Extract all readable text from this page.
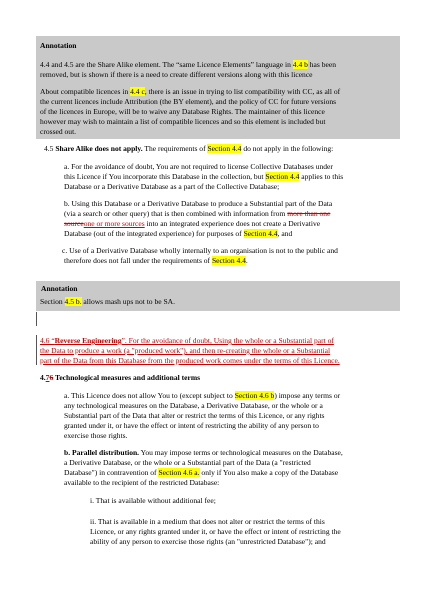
Annotation
4.4 and 4.5 are the Share Alike element. The “same Licence Elements” language in 4.4 b has been
removed, but is shown if there is a need to create different versions along with this licence
About compatible licences in 4.4 c, there is an issue in trying to list compatibility with CC, as all of
the current licences include Attribution (the BY element), and the policy of CC for future versions
of the licences in Europe, will be to waive any Database Rights. The maintainer of this licence
however may wish to maintain a list of compatible licences and so this element is included but
crossed out.
4.5 Share Alike does not apply. The requirements of Section 4.4 do not apply in the following:
a. For the avoidance of doubt, You are not required to license Collective Databases under
this Licence if You incorporate this Database in the collection, but Section 4.4 applies to this
Database or a Derivative Database as a part of the Collective Database;
b. Using this Database or a Derivative Database to produce a Substantial part of the Data
(via a search or other query) that is then combined with information from more than one
sourceone or more sources into an integrated experience does not create a Derivative
Database (out of the integrated experience) for purposes of Section 4.4, and
c. Use of a Derivative Database wholly internally to an organisation is not to the public and
therefore does not fall under the requirements of Section 4.4.
Annotation
Section 4.5 b. allows mash ups not to be SA.
4.6 “Reverse Engineering”. For the avoidance of doubt, Using the whole or a Substantial part of
the Data to produce a work (a "produced work"), and then re-creating the whole or a Substantial
part of the Data from this Database from the produced work comes under the terms of this Licence.
4.76 Technological measures and additional terms
a. This Licence does not allow You to (except subject to Section 4.6 b) impose any terms or
any technological measures on the Database, a Derivative Database, or the whole or a
Substantial part of the Data that alter or restrict the terms of this Licence, or any rights
granted under it, or have the effect or intent of restricting the ability of any person to
exercise those rights.
b. Parallel distribution. You may impose terms or technological measures on the Database,
a Derivative Database, or the whole or a Substantial part of the Data (a "restricted
Database") in contravention of Section 4.6 a. only if You also make a copy of the Database
available to the recipient of the restricted Database:
i. That is available without additional fee;
ii. That is available in a medium that does not alter or restrict the terms of this
Licence, or any rights granted under it, or have the effect or intent of restricting the
ability of any person to exercise those rights (an "unrestricted Database"); and
